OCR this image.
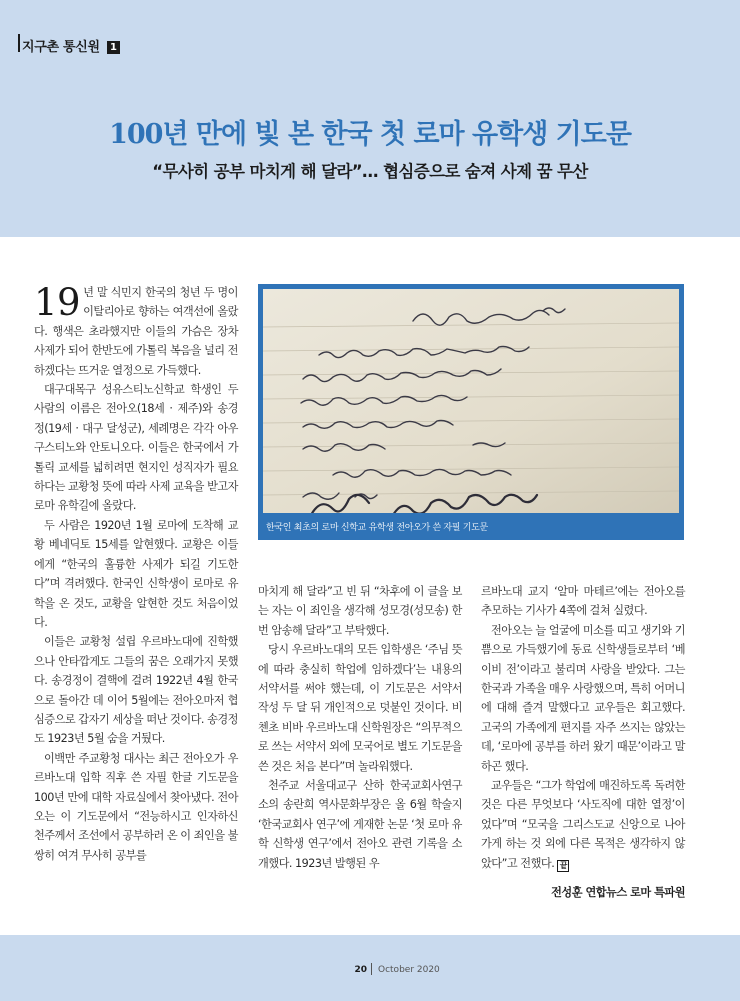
지구촌 통신원 1
100년 만에 빛 본 한국 첫 로마 유학생 기도문
“무사히 공부 마치게 해 달라”… 협심증으로 숨져 사제 꿈 무산
한국인 최초의 로마 신학교 유학생 전아오가 쓴 자필 기도문

19 년 말 식민지 한국의 청년 두 명이 이탈리아로 향하는 여객선에 올랐다. 행색은 초라했지만 이들의 가슴은 장차 사제가 되어 한반도에 가톨릭 복음을 널리 전하겠다는 뜨거운 열정으로 가득했다.

대구대목구 성유스티노신학교 학생인 두 사람의 이름은 전아오(18세 · 제주)와 송경정(19세 · 대구 달성군), 세례명은 각각 아우구스티노와 안토니오다. 이들은 한국에서 가톨릭 교세를 넓히려면 현지인 성직자가 필요하다는 교황청 뜻에 따라 사제 교육을 받고자 로마 유학길에 올랐다.

두 사람은 1920년 1월 로마에 도착해 교황 베네딕토 15세를 알현했다. 교황은 이들에게 “한국의 훌륭한 사제가 되길 기도한다”며 격려했다. 한국인 신학생이 로마로 유학을 온 것도, 교황을 알현한 것도 처음이었다.

이들은 교황청 설립 우르바노대에 진학했으나 안타깝게도 그들의 꿈은 오래가지 못했다. 송경정이 결핵에 걸려 1922년 4월 한국으로 돌아간 데 이어 5월에는 전아오마저 협심증으로 갑자기 세상을 떠난 것이다. 송경정도 1923년 5월 숨을 거뒀다.

이백만 주교황청 대사는 최근 전아오가 우르바노대 입학 직후 쓴 자필 한글 기도문을 100년 만에 대학 자료실에서 찾아냈다. 전아오는 이 기도문에서 “전능하시고 인자하신 천주께서 조선에서 공부하러 온 이 죄인을 불쌍히 여겨 무사히 공부를

마치게 해 달라”고 빈 뒤 “차후에 이 글을 보는 자는 이 죄인을 생각해 성모경(성모송) 한번 암송해 달라”고 부탁했다.

당시 우르바노대의 모든 입학생은 ‘주님 뜻에 따라 충실히 학업에 임하겠다’는 내용의 서약서를 써야 했는데, 이 기도문은 서약서 작성 두 달 뒤 개인적으로 덧붙인 것이다. 비첸초 비바 우르바노대 신학원장은 “의무적으로 쓰는 서약서 외에 모국어로 별도 기도문을 쓴 것은 처음 본다”며 놀라워했다.

천주교 서울대교구 산하 한국교회사연구소의 송란희 역사문화부장은 올 6월 학술지 ‘한국교회사 연구’에 게재한 논문 ‘첫 로마 유학 신학생 연구’에서 전아오 관련 기록을 소개했다. 1923년 발행된 우

르바노대 교지 ‘알마 마테르’에는 전아오를 추모하는 기사가 4쪽에 걸쳐 실렸다.

전아오는 늘 얼굴에 미소를 띠고 생기와 기쁨으로 가득했기에 동료 신학생들로부터 ‘베이비 전’이라고 불리며 사랑을 받았다. 그는 한국과 가족을 매우 사랑했으며, 특히 어머니에 대해 즐겨 말했다고 교우들은 회고했다. 고국의 가족에게 편지를 자주 쓰지는 않았는데, ‘로마에 공부를 하러 왔기 때문’이라고 말하곤 했다.

교우들은 “그가 학업에 매진하도록 독려한 것은 다른 무엇보다 ‘사도직에 대한 열정’이었다”며 “모국을 그리스도교 신앙으로 나아가게 하는 것 외에 다른 목적은 생각하지 않았다”고 전했다. 끝

전성훈 연합뉴스 로마 특파원
20 October 2020
